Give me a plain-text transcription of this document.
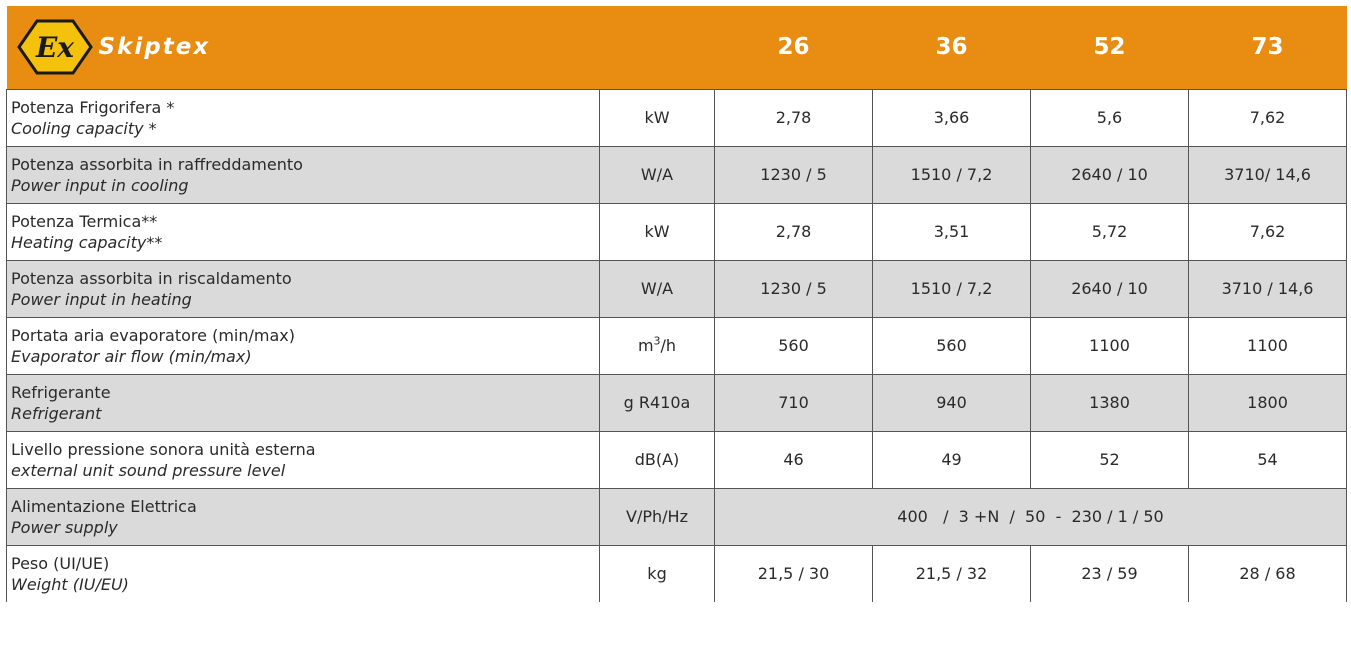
Ex Skiptex		26	36	52	73

Potenza Frigorifera *
Cooling capacity *	kW	2,78	3,66	5,6	7,62

Potenza assorbita in raffreddamento
Power input in cooling	W/A	1230 / 5	1510 / 7,2	2640 / 10	3710/ 14,6

Potenza Termica**
Heating capacity**	kW	2,78	3,51	5,72	7,62

Potenza assorbita in riscaldamento
Power input in heating	W/A	1230 / 5	1510 / 7,2	2640 / 10	3710 / 14,6

Portata aria evaporatore (min/max)
Evaporator air flow (min/max)	$m^3/h$	560	560	1100	1100

Refrigerante
Refrigerant	g R410a	710	940	1380	1800

Livello pressione sonora unità esterna
external unit sound pressure level	dB(A)	46	49	52	54

Alimentazione Elettrica
Power supply	V/Ph/Hz	400   /  3 +N  /  50  -  230 / 1 / 50			

Peso (UI/UE)
Weight (IU/EU)	kg	21,5 / 30	21,5 / 32	23 / 59	28 / 68
